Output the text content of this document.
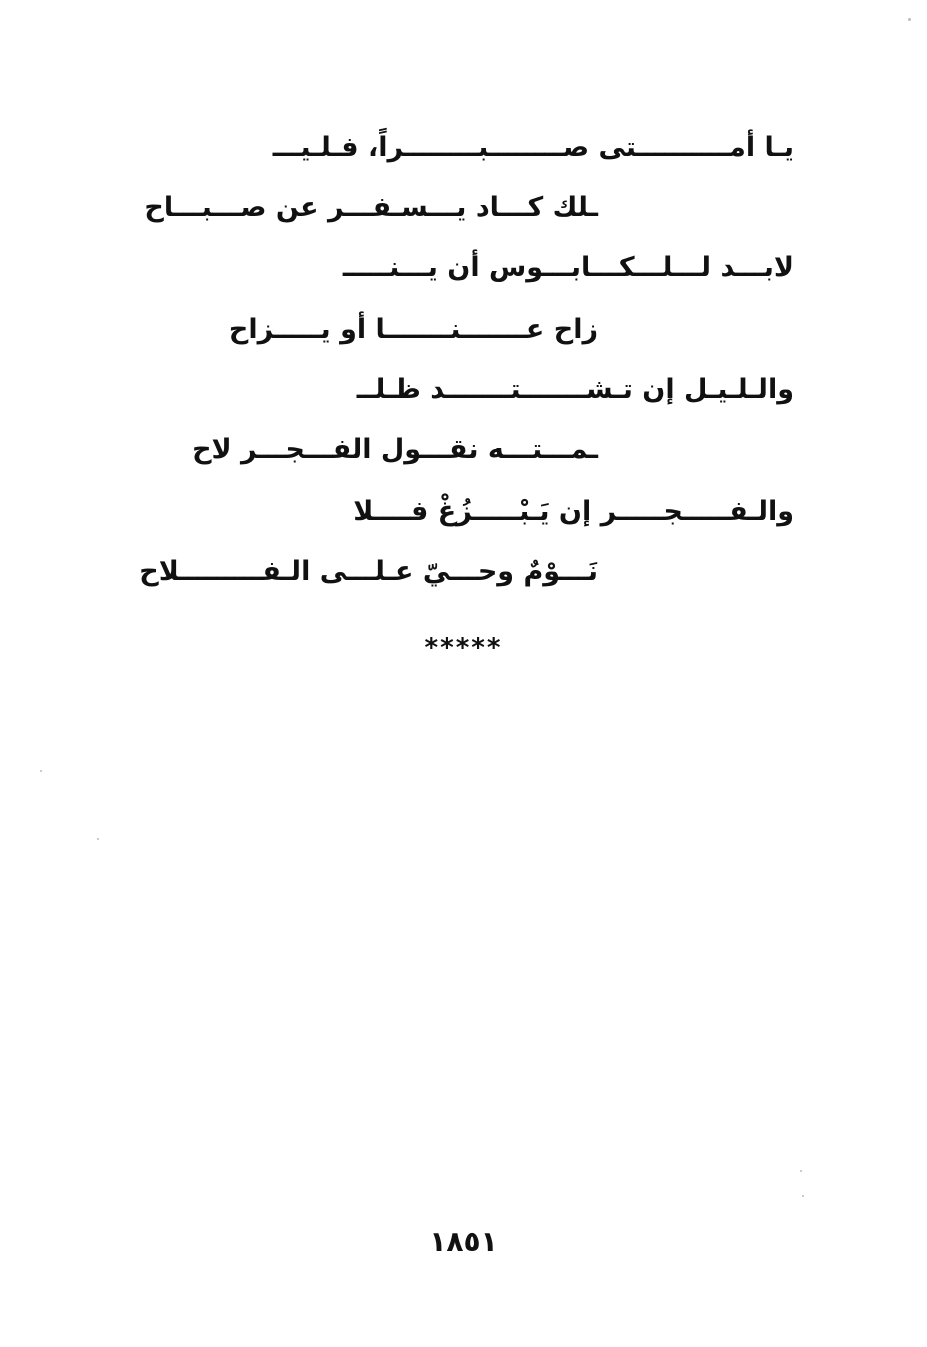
يـا أمــــــــــتى صــــــــبــــــــراً، فـلـيـــ
ـلك كـــاد يـــسـفـــر عن صـــبـــاح
لابـــد لـــلـــكـــابـــوس أن يـــنـــــ
زاح عـــــــنـــــــا أو يـــــزاح
والـلـيـل إن تـشـــــــتـــــــد ظـلــ
ـمـــتـــه نقـــول الفـــجـــر لاح
والـفـــــجـــــر إن يَـبْـــــزُغْ فــــلا
نَـــوْمٌ وحـــيّ عـلـــى الـفـــــــــلاح
*****
١٨٥١
